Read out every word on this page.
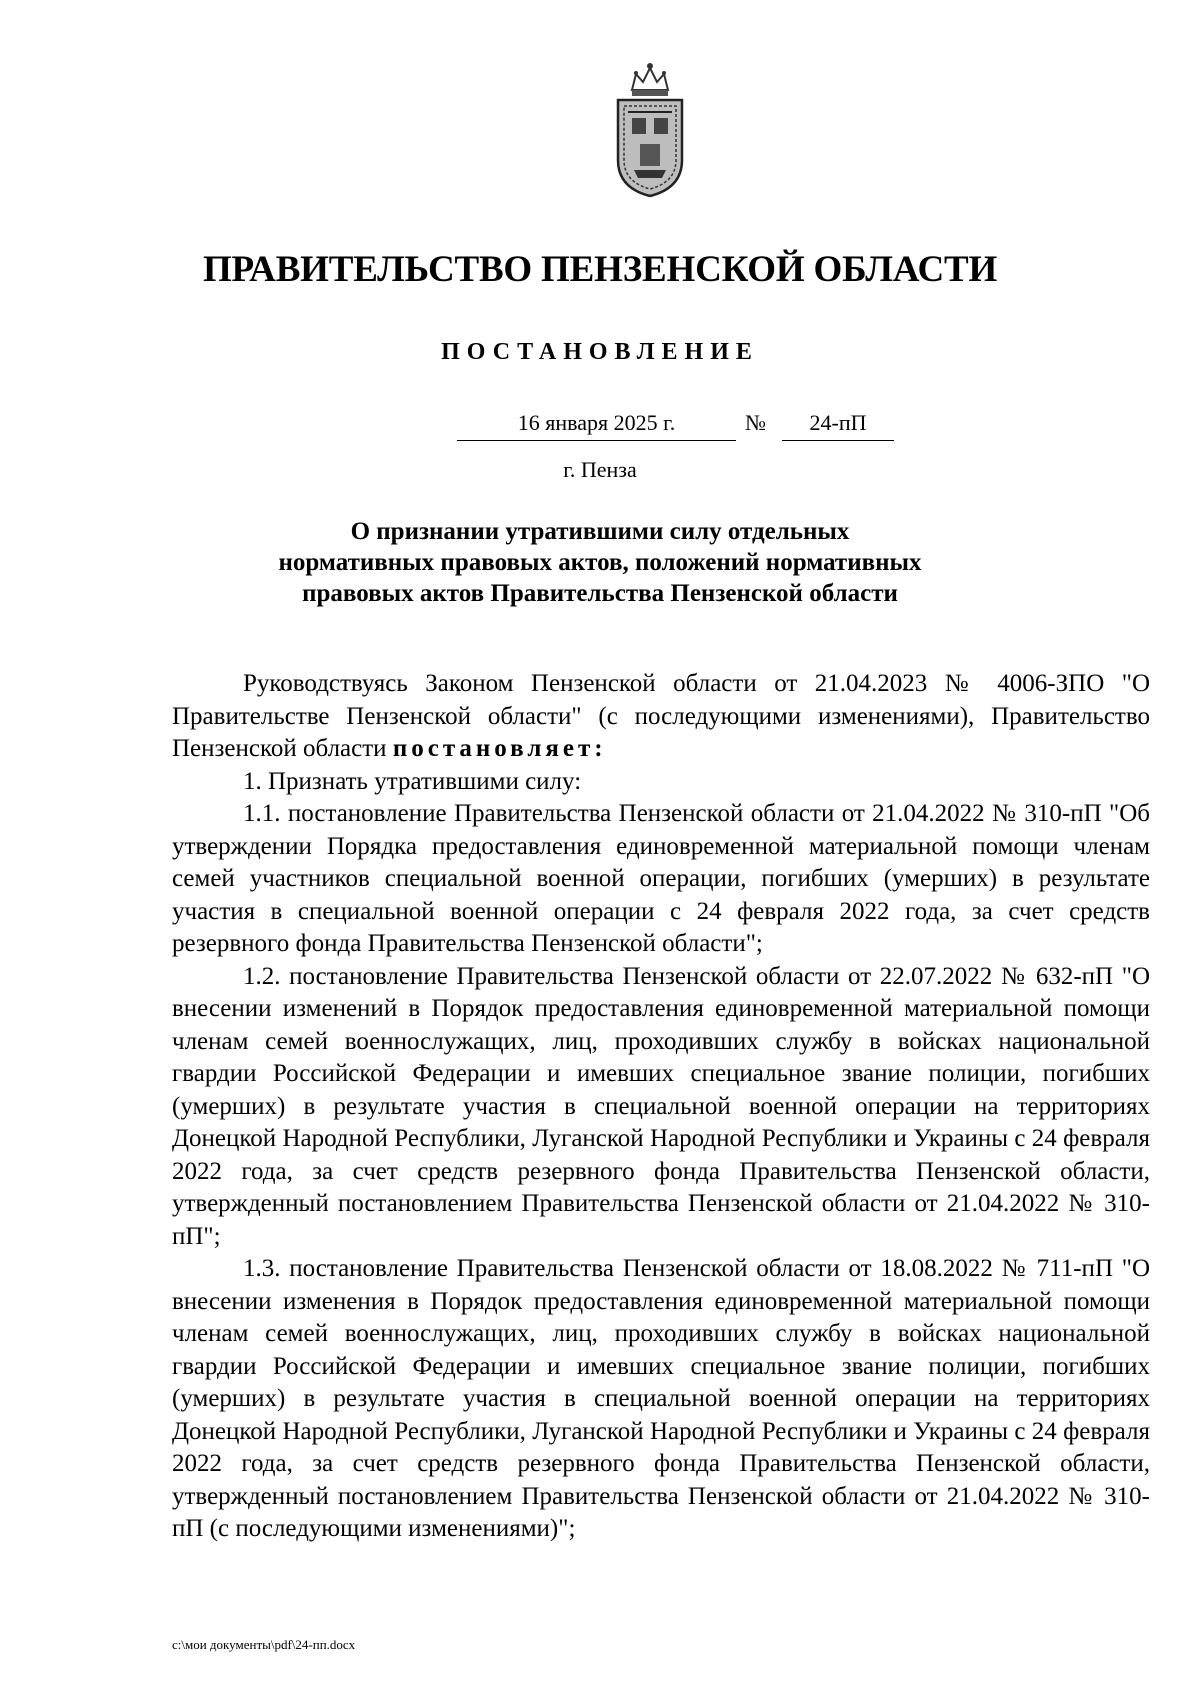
ПРАВИТЕЛЬСТВО ПЕНЗЕНСКОЙ ОБЛАСТИ
ПОСТАНОВЛЕНИЕ
16 января 2025 г.	№	24-пП
г. Пенза
О признании утратившими силу отдельных
нормативных правовых актов, положений нормативных
правовых актов Правительства Пензенской области

Руководствуясь Законом Пензенской области от 21.04.2023 № 4006-ЗПО "О Правительстве Пензенской области" (с последующими изменениями), Правительство Пензенской области постановляет:

1. Признать утратившими силу:

1.1. постановление Правительства Пензенской области от 21.04.2022 № 310-пП "Об утверждении Порядка предоставления единовременной материальной помощи членам семей участников специальной военной операции, погибших (умерших) в результате участия в специальной военной операции с 24 февраля 2022 года, за счет средств резервного фонда Правительства Пензенской области";

1.2. постановление Правительства Пензенской области от 22.07.2022 № 632-пП "О внесении изменений в Порядок предоставления единовременной материальной помощи членам семей военнослужащих, лиц, проходивших службу в войсках национальной гвардии Российской Федерации и имевших специальное звание полиции, погибших (умерших) в результате участия в специальной военной операции на территориях Донецкой Народной Республики, Луганской Народной Республики и Украины с 24 февраля 2022 года, за счет средств резервного фонда Правительства Пензенской области, утвержденный постановлением Правительства Пензенской области от 21.04.2022 № 310-пП";

1.3. постановление Правительства Пензенской области от 18.08.2022 № 711-пП "О внесении изменения в Порядок предоставления единовременной материальной помощи членам семей военнослужащих, лиц, проходивших службу в войсках национальной гвардии Российской Федерации и имевших специальное звание полиции, погибших (умерших) в результате участия в специальной военной операции на территориях Донецкой Народной Республики, Луганской Народной Республики и Украины с 24 февраля 2022 года, за счет средств резервного фонда Правительства Пензенской области, утвержденный постановлением Правительства Пензенской области от 21.04.2022 № 310-пП (с последующими изменениями)";

c:\мои документы\pdf\24-пп.docx
